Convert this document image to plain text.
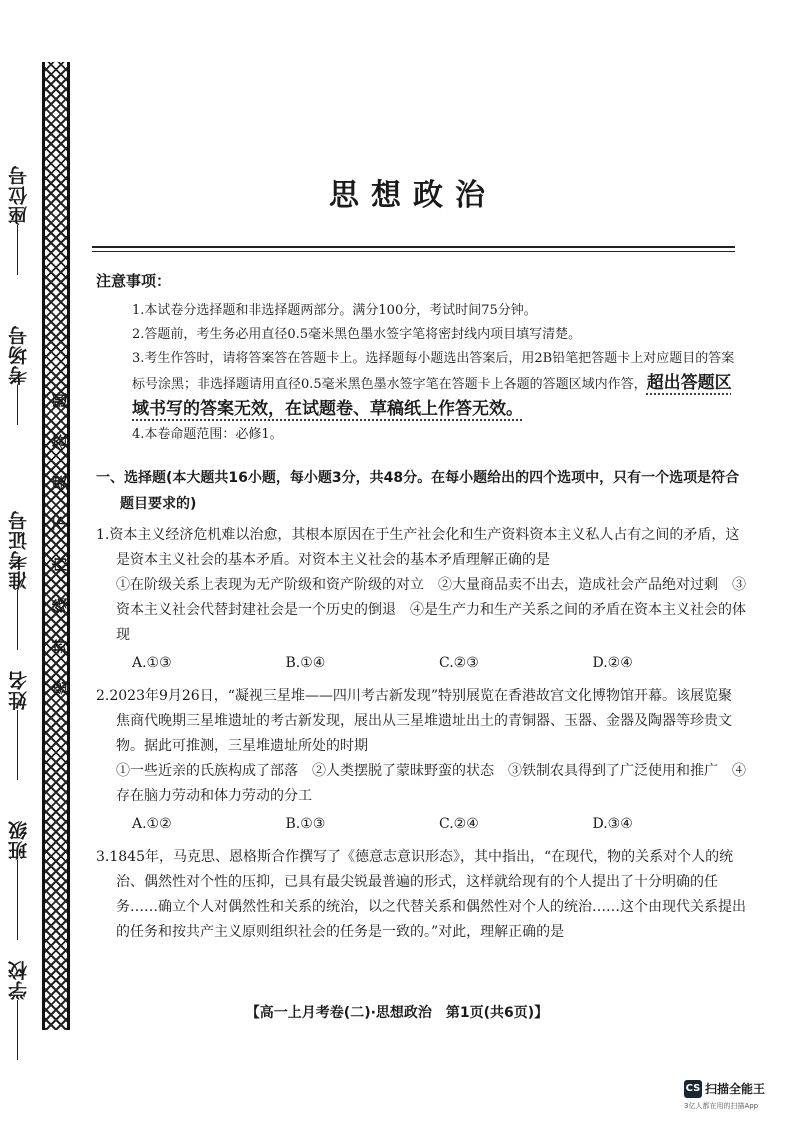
座位号
考场号
准考证号
姓名
班级
学校
题
答
要
不
内
线
封
密
思想政治
注意事项：
1.本试卷分选择题和非选择题两部分。满分100分，考试时间75分钟。
2.答题前，考生务必用直径0.5毫米黑色墨水签字笔将密封线内项目填写清楚。
3.考生作答时，请将答案答在答题卡上。选择题每小题选出答案后，用2B铅笔把答题卡上对应题目的答案标号涂黑；非选择题请用直径0.5毫米黑色墨水签字笔在答题卡上各题的答题区域内作答，超出答题区域书写的答案无效，在试题卷、草稿纸上作答无效。
4.本卷命题范围：必修1。
一、选择题(本大题共16小题，每小题3分，共48分。在每小题给出的四个选项中，只有一个选项是符合题目要求的)
1.资本主义经济危机难以治愈，其根本原因在于生产社会化和生产资料资本主义私人占有之间的矛盾，这是资本主义社会的基本矛盾。对资本主义社会的基本矛盾理解正确的是
①在阶级关系上表现为无产阶级和资产阶级的对立　②大量商品卖不出去，造成社会产品绝对过剩　③资本主义社会代替封建社会是一个历史的倒退　④是生产力和生产关系之间的矛盾在资本主义社会的体现
A.①③	B.①④	C.②③	D.②④
2.2023年9月26日，“凝视三星堆——四川考古新发现”特别展览在香港故宫文化博物馆开幕。该展览聚焦商代晚期三星堆遗址的考古新发现，展出从三星堆遗址出土的青铜器、玉器、金器及陶器等珍贵文物。据此可推测，三星堆遗址所处的时期
①一些近亲的氏族构成了部落　②人类摆脱了蒙昧野蛮的状态　③铁制农具得到了广泛使用和推广　④存在脑力劳动和体力劳动的分工
A.①②	B.①③	C.②④	D.③④
3.1845年，马克思、恩格斯合作撰写了《德意志意识形态》，其中指出，“在现代，物的关系对个人的统治、偶然性对个性的压抑，已具有最尖锐最普遍的形式，这样就给现有的个人提出了十分明确的任务……确立个人对偶然性和关系的统治，以之代替关系和偶然性对个人的统治……这个由现代关系提出的任务和按共产主义原则组织社会的任务是一致的。”对此，理解正确的是
【高一上月考卷(二)·思想政治　第1页(共6页)】
CS 扫描全能王
3亿人都在用的扫描App
